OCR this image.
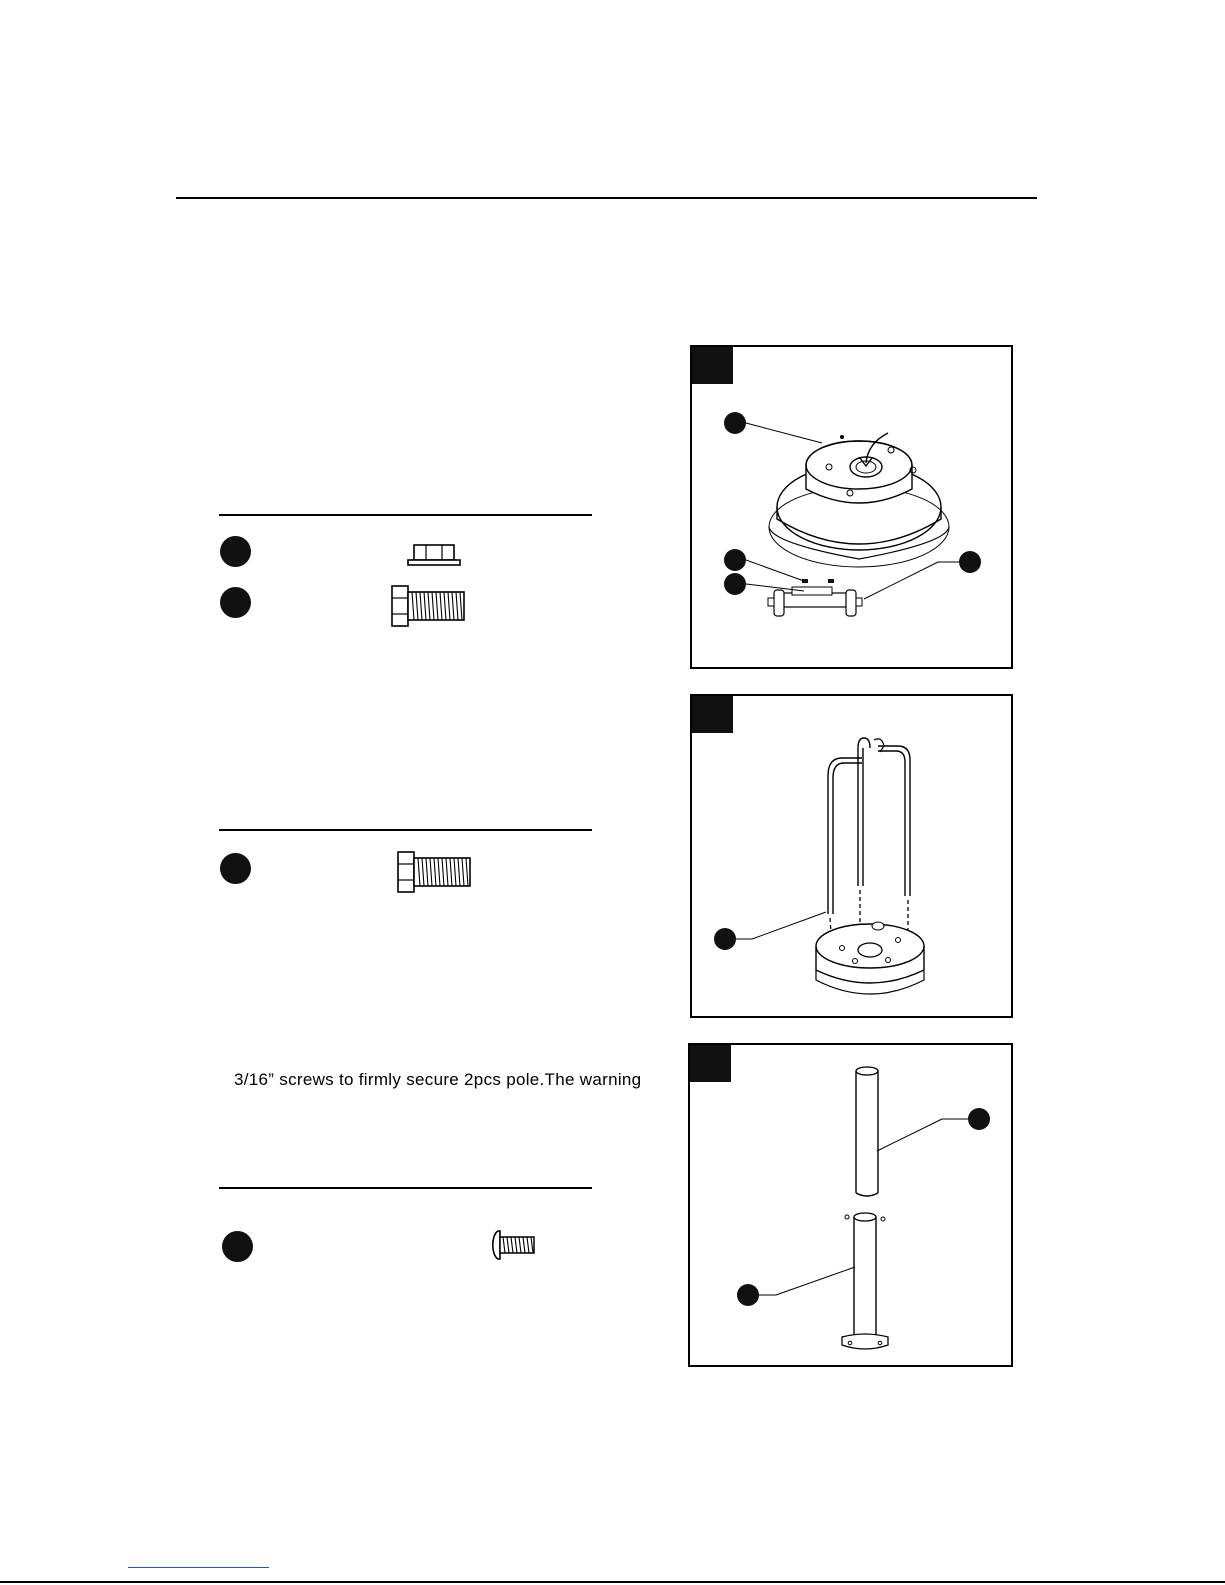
3/16” screws to firmly secure 2pcs pole.The warning
